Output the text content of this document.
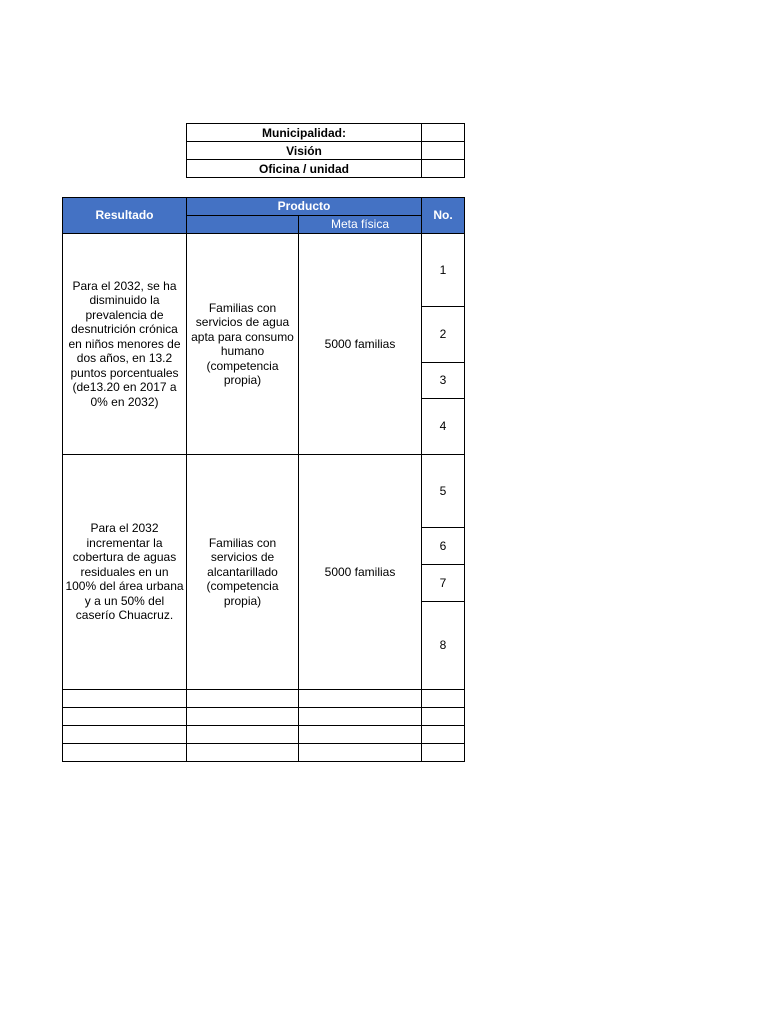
Municipalidad:	
Visión	
Oficina / unidad	
Resultado	Producto		No.
		Meta física	

Para el 2032, se ha disminuido la prevalencia de desnutrición crónica en niños menores de dos años, en 13.2 puntos porcentuales (de13.20 en 2017 a 0% en 2032)	Familias con servicios de agua apta para consumo humano (competencia propia)	5000 familias	1
			2
			3
			4

Para el 2032 incrementar la cobertura de aguas residuales en un 100% del área urbana y a un 50% del caserío Chuacruz.	Familias con servicios de alcantarillado (competencia propia)	5000 familias	5
			6
			7
			8
